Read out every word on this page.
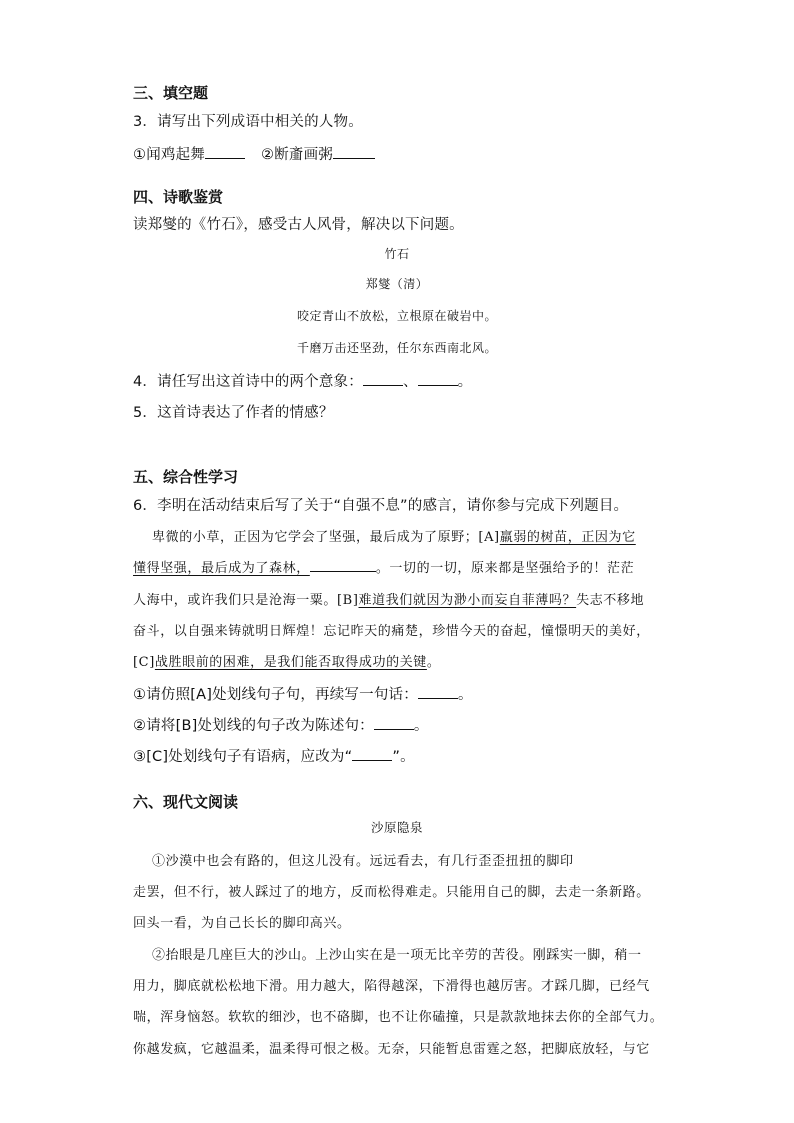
三、填空题
3．请写出下列成语中相关的人物。
①闻鸡起舞	②断齑画粥
四、诗歌鉴赏
读郑燮的《竹石》，感受古人风骨，解决以下问题。
竹石
郑燮（清）
咬定青山不放松，立根原在破岩中。
千磨万击还坚劲，任尔东西南北风。
4．请任写出这首诗中的两个意象：	、	。
5．这首诗表达了作者的情感？
五、综合性学习
6．李明在活动结束后写了关于“自强不息”的感言，请你参与完成下列题目。
卑微的小草，正因为它学会了坚强，最后成为了原野；[A]羸弱的树苗，正因为它
懂得坚强，最后成为了森林，	。一切的一切，原来都是坚强给予的！茫茫
人海中，或许我们只是沧海一粟。[B]难道我们就因为渺小而妄自菲薄吗？失志不移地
奋斗，以自强来铸就明日辉煌！忘记昨天的痛楚，珍惜今天的奋起，憧憬明天的美好，
[C]战胜眼前的困难，是我们能否取得成功的关键。
①请仿照[A]处划线句子句，再续写一句话：	。
②请将[B]处划线的句子改为陈述句：	。
③[C]处划线句子有语病，应改为“	”。
六、现代文阅读
沙原隐泉
①沙漠中也会有路的，但这儿没有。远远看去，有几行歪歪扭扭的脚印
走罢，但不行，被人踩过了的地方，反而松得难走。只能用自己的脚，去走一条新路。
回头一看，为自己长长的脚印高兴。
②抬眼是几座巨大的沙山。上沙山实在是一项无比辛劳的苦役。刚踩实一脚，稍一
用力，脚底就松松地下滑。用力越大，陷得越深，下滑得也越厉害。才踩几脚，已经气
喘，浑身恼怒。软软的细沙，也不硌脚，也不让你磕撞，只是款款地抹去你的全部气力。
你越发疯，它越温柔，温柔得可恨之极。无奈，只能暂息雷霆之怒，把脚底放轻，与它
